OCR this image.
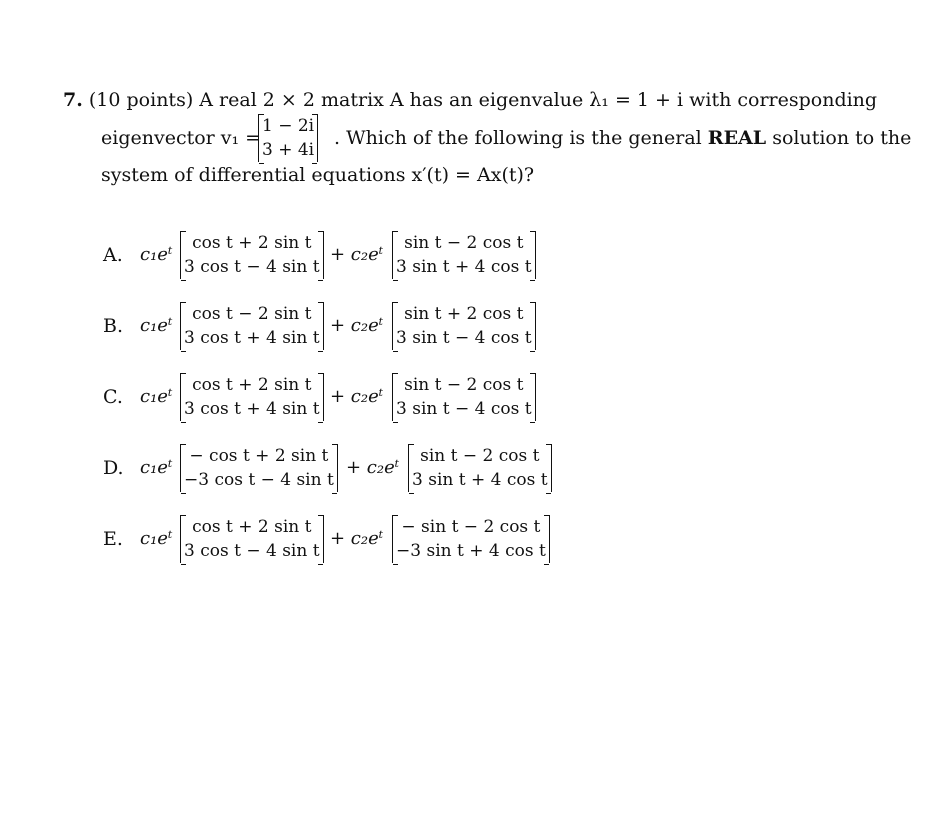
7. (10 points) A real 2 × 2 matrix A has an eigenvalue λ₁ = 1 + i with corresponding
eigenvector v₁ =
1 − 2i
3 + 4i
. Which of the following is the general REAL solution to the
system of differential equations x′(t) = Ax(t)?
A. c₁eᵗ
cos t + 2 sin t
3 cos t − 4 sin t
+ c₂eᵗ
sin t − 2 cos t
3 sin t + 4 cos t
B. c₁eᵗ
cos t − 2 sin t
3 cos t + 4 sin t
+ c₂eᵗ
sin t + 2 cos t
3 sin t − 4 cos t
C. c₁eᵗ
cos t + 2 sin t
3 cos t + 4 sin t
+ c₂eᵗ
sin t − 2 cos t
3 sin t − 4 cos t
D. c₁eᵗ
− cos t + 2 sin t
−3 cos t − 4 sin t
+ c₂eᵗ
sin t − 2 cos t
3 sin t + 4 cos t
E. c₁eᵗ
cos t + 2 sin t
3 cos t − 4 sin t
+ c₂eᵗ
− sin t − 2 cos t
−3 sin t + 4 cos t
